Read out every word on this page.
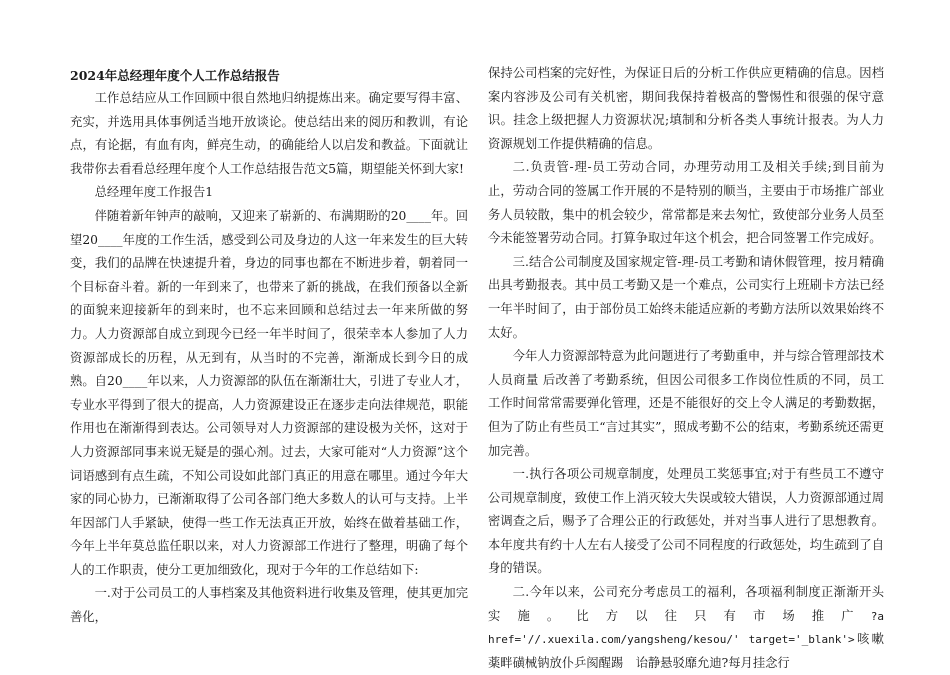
2024年总经理年度个人工作总结报告

工作总结应从工作回顾中很自然地归纳提炼出来。确定要写得丰富、充实，并选用具体事例适当地开放谈论。使总结出来的阅历和教训，有论点，有论据，有血有肉，鲜亮生动，的确能给人以启发和教益。下面就让我带你去看看总经理年度个人工作总结报告范文5篇，期望能关怀到大家!

总经理年度工作报告1

伴随着新年钟声的敲响，又迎来了崭新的、布满期盼的20____年。回望20____年度的工作生活，感受到公司及身边的人这一年来发生的巨大转变，我们的品牌在快速提升着，身边的同事也都在不断进步着，朝着同一个目标奋斗着。新的一年到来了，也带来了新的挑战，在我们预备以全新的面貌来迎接新年的到来时，也不忘来回顾和总结过去一年来所做的努力。人力资源部自成立到现今已经一年半时间了，很荣幸本人参加了人力资源部成长的历程，从无到有，从当时的不完善，渐渐成长到今日的成熟。自20____年以来，人力资源部的队伍在渐渐壮大，引进了专业人才，专业水平得到了很大的提高，人力资源建设正在逐步走向法律规范，职能作用也在渐渐得到表达。公司领导对人力资源部的建设极为关怀，这对于人力资源部同事来说无疑是的强心剂。过去，大家可能对“人力资源”这个词语感到有点生疏，不知公司设如此部门真正的用意在哪里。通过今年大家的同心协力，已渐渐取得了公司各部门绝大多数人的认可与支持。上半年因部门人手紧缺，使得一些工作无法真正开放，始终在做着基础工作，今年上半年莫总监任职以来，对人力资源部工作进行了整理，明确了每个人的工作职责，使分工更加细致化，现对于今年的工作总结如下:

一.对于公司员工的人事档案及其他资料进行收集及管理，使其更加完善化，

保持公司档案的完好性，为保证日后的分析工作供应更精确的信息。因档案内容涉及公司有关机密，期间我保持着极高的警惕性和很强的保守意识。挂念上级把握人力资源状况;填制和分析各类人事统计报表。为人力资源规划工作提供精确的信息。

二.负责管-理-员工劳动合同，办理劳动用工及相关手续;到目前为止，劳动合同的签属工作开展的不是特别的顺当，主要由于市场推广部业务人员较散，集中的机会较少，常常都是来去匆忙，致使部分业务人员至今未能签署劳动合同。打算争取过年这个机会，把合同签署工作完成好。

三.结合公司制度及国家规定管-理-员工考勤和请休假管理，按月精确出具考勤报表。其中员工考勤又是一个难点，公司实行上班刷卡方法已经一年半时间了，由于部份员工始终未能适应新的考勤方法所以效果始终不太好。

今年人力资源部特意为此问题进行了考勤重申，并与综合管理部技术人员商量 后改善了考勤系统，但因公司很多工作岗位性质的不同，员工工作时间常常需要弹化管理，还是不能很好的交上令人满足的考勤数据，但为了防止有些员工“言过其实”，照成考勤不公的结束，考勤系统还需更加完善。

一.执行各项公司规章制度，处理员工奖惩事宜;对于有些员工不遵守公司规章制度，致使工作上消灭较大失误或较大错误，人力资源部通过周密调查之后，赐予了合理公正的行政惩处，并对当事人进行了思想教育。本年度共有约十人左右人接受了公司不同程度的行政惩处，均生疏到了自身的错误。

二.今年以来，公司充分考虑员工的福利，各项福利制度正渐渐开头实施。比方以往只有市场推广?a href='//.xuexila.com/yangsheng/kesou/' target='_blank'>咳嗽薬畔磺械钠放仆乒阂醒踢　诒静悬驳靡允迪?每月挂念行
